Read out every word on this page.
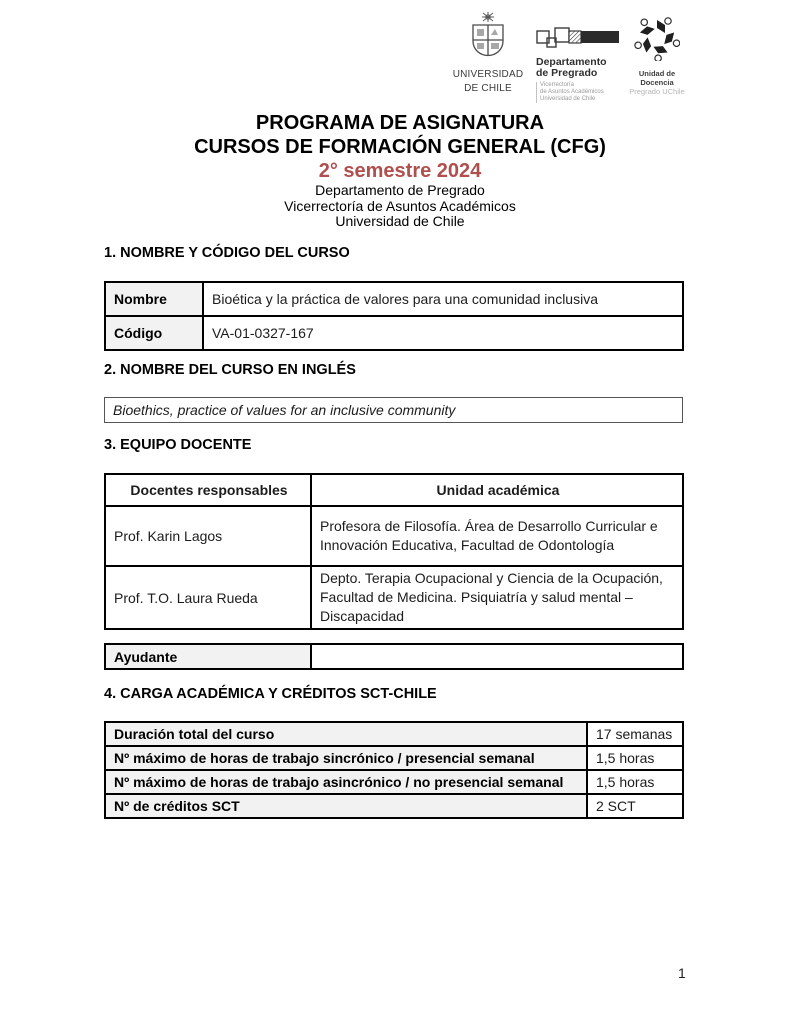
UNIVERSIDAD
DE CHILE
Departamento
de Pregrado
Vicerrectoría
de Asuntos Académicos
Universidad de Chile
Unidad de Docencia
Pregrado UChile
PROGRAMA DE ASIGNATURA
CURSOS DE FORMACIÓN GENERAL (CFG)
2° semestre 2024
Departamento de Pregrado
Vicerrectoría de Asuntos Académicos
Universidad de Chile
1. NOMBRE Y CÓDIGO DEL CURSO
Nombre	Bioética y la práctica de valores para una comunidad inclusiva
Código	VA-01-0327-167
2. NOMBRE DEL CURSO EN INGLÉS
Bioethics, practice of values for an inclusive community
3. EQUIPO DOCENTE
Docentes responsables	Unidad académica
Prof. Karin Lagos	Profesora de Filosofía. Área de Desarrollo Curricular e Innovación Educativa, Facultad de Odontología
Prof. T.O. Laura Rueda	Depto. Terapia Ocupacional y Ciencia de la Ocupación, Facultad de Medicina. Psiquiatría y salud mental – Discapacidad
Ayudante	
4. CARGA ACADÉMICA Y CRÉDITOS SCT-CHILE
Duración total del curso	17 semanas
Nº máximo de horas de trabajo sincrónico / presencial semanal	1,5 horas
Nº máximo de horas de trabajo asincrónico / no presencial semanal	1,5 horas
Nº de créditos SCT	2 SCT
1
